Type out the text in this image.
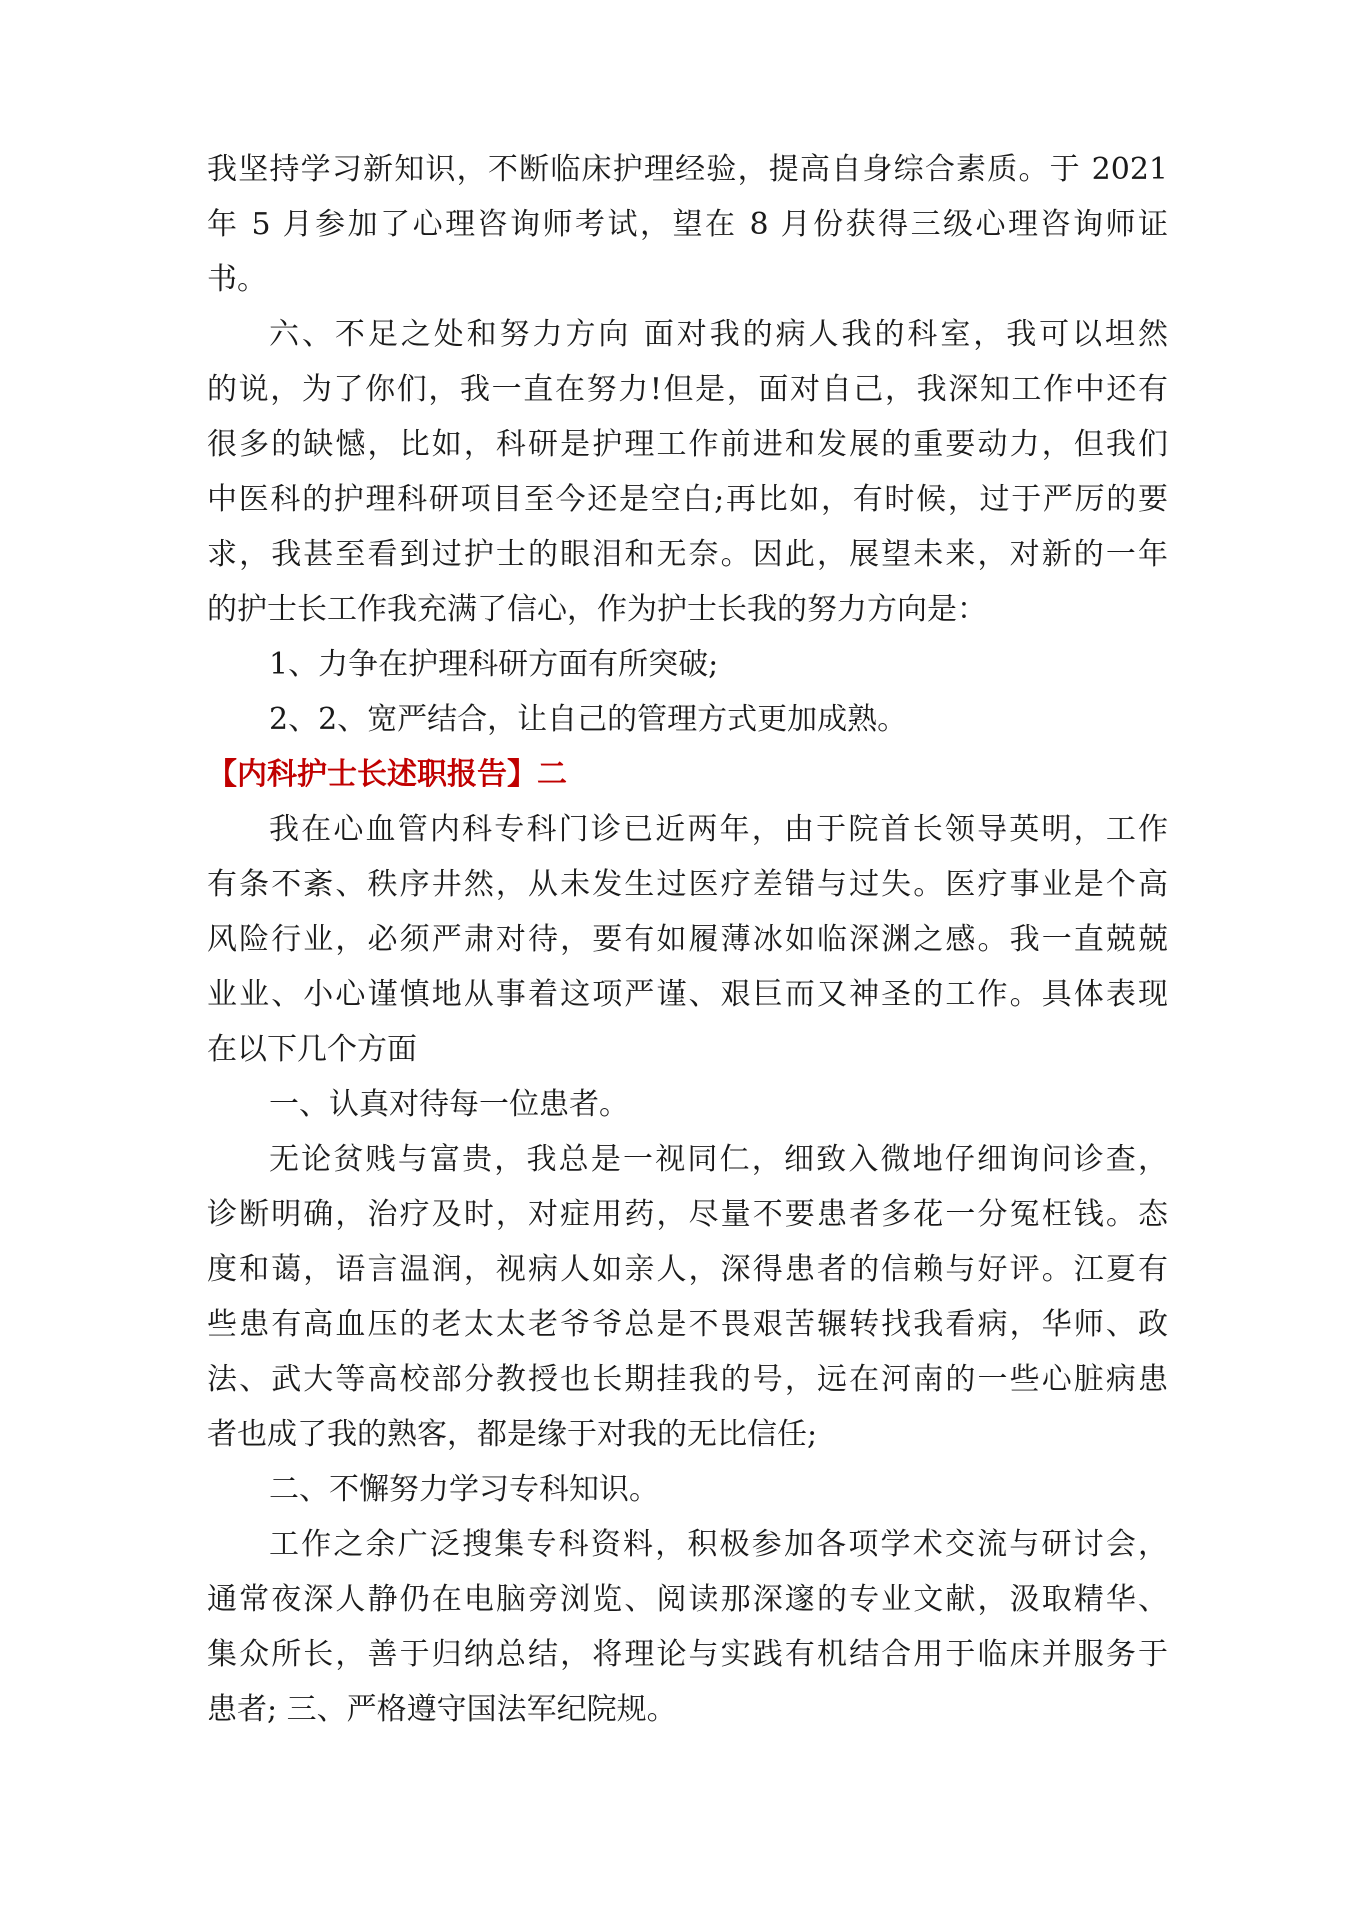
我坚持学习新知识，不断临床护理经验，提高自身综合素质。于 2021
年 5 月参加了心理咨询师考试，望在 8 月份获得三级心理咨询师证
书。
六、不足之处和努力方向 面对我的病人我的科室，我可以坦然
的说，为了你们，我一直在努力!但是，面对自己，我深知工作中还有
很多的缺憾，比如，科研是护理工作前进和发展的重要动力，但我们
中医科的护理科研项目至今还是空白;再比如，有时候，过于严厉的要
求，我甚至看到过护士的眼泪和无奈。因此，展望未来，对新的一年
的护士长工作我充满了信心，作为护士长我的努力方向是：
1、力争在护理科研方面有所突破;
2、2、宽严结合，让自己的管理方式更加成熟。
【内科护士长述职报告】二
我在心血管内科专科门诊已近两年，由于院首长领导英明，工作
有条不紊、秩序井然，从未发生过医疗差错与过失。医疗事业是个高
风险行业，必须严肃对待，要有如履薄冰如临深渊之感。我一直兢兢
业业、小心谨慎地从事着这项严谨、艰巨而又神圣的工作。具体表现
在以下几个方面
一、认真对待每一位患者。
无论贫贱与富贵，我总是一视同仁，细致入微地仔细询问诊查，
诊断明确，治疗及时，对症用药，尽量不要患者多花一分冤枉钱。态
度和蔼，语言温润，视病人如亲人，深得患者的信赖与好评。江夏有
些患有高血压的老太太老爷爷总是不畏艰苦辗转找我看病，华师、政
法、武大等高校部分教授也长期挂我的号，远在河南的一些心脏病患
者也成了我的熟客，都是缘于对我的无比信任;
二、不懈努力学习专科知识。
工作之余广泛搜集专科资料，积极参加各项学术交流与研讨会，
通常夜深人静仍在电脑旁浏览、阅读那深邃的专业文献，汲取精华、
集众所长，善于归纳总结，将理论与实践有机结合用于临床并服务于
患者; 三、严格遵守国法军纪院规。
